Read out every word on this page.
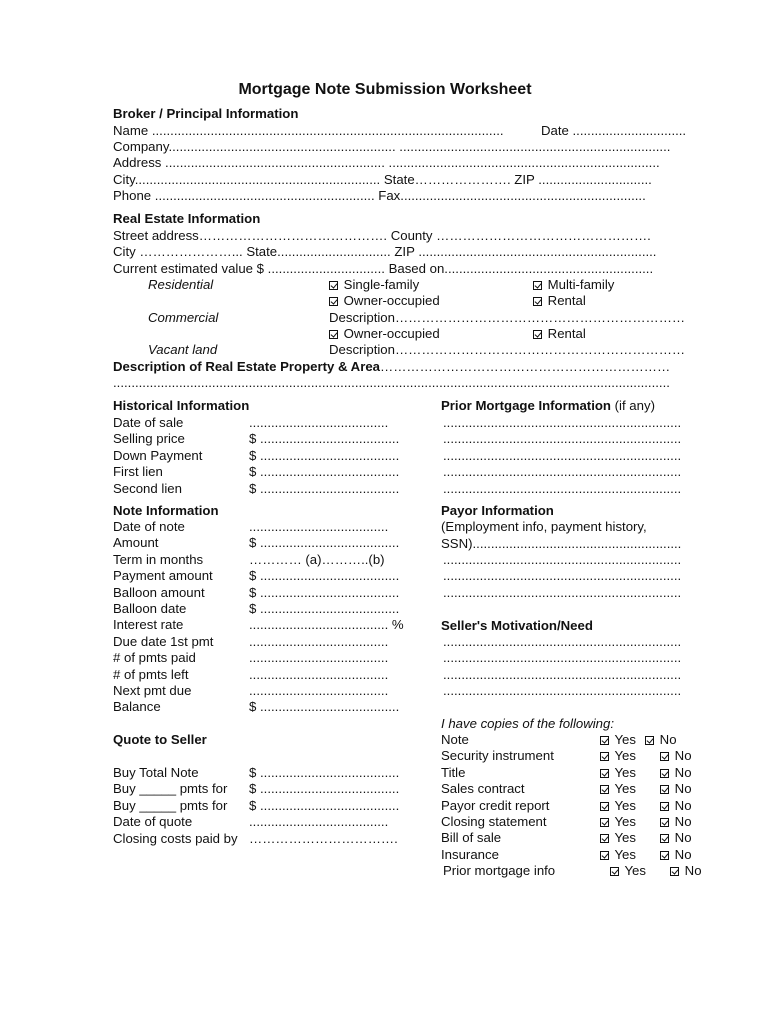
Mortgage Note Submission Worksheet
Broker / Principal Information
Name ................................................................................................	Date ...............................
Company.............................................................. ..........................................................................
Address ............................................................ ..........................................................................
City................................................................... State…………………. ZIP ...............................
Phone ............................................................ Fax...................................................................
Real Estate Information
Street address……………………………………. County ………………………………………….
City …………………... State............................... ZIP .................................................................
Current estimated value $ ................................ Based on.........................................................
Residential	Single-family	Multi-family
Owner-occupied	Rental
Commercial	Description…………………………………………………………
Owner-occupied	Rental
Vacant land	Description…………………………………………………………
Description of Real Estate Property & Area…………………………………………………………
........................................................................................................................................................
Historical Information
Date of sale	......................................
Selling price	$ ......................................
Down Payment	$ ......................................
First lien	$ ......................................
Second lien	$ ......................................
Prior Mortgage Information (if any)
.................................................................
.................................................................
.................................................................
.................................................................
.................................................................
Note Information
Date of note	......................................
Amount	$ ......................................
Term in months	………… (a)………..(b)
Payment amount	$ ......................................
Balloon amount	$ ......................................
Balloon date	$ ......................................
Interest rate	...................................... %
Due date 1st pmt	......................................
# of pmts paid	......................................
# of pmts left	......................................
Next pmt due	......................................
Balance	$ ......................................
Payor Information
(Employment info, payment history,
SSN).........................................................
.................................................................
.................................................................
.................................................................
Seller's Motivation/Need
.................................................................
.................................................................
.................................................................
.................................................................
Quote to Seller
Buy Total Note	$ ......................................
Buy _____ pmts for $ ......................................
Buy _____ pmts for $ ......................................
Date of quote	......................................
Closing costs paid by …………………………….
I have copies of the following:
Note	Yes	No
Security instrument	Yes	No
Title	Yes	No
Sales contract	Yes	No
Payor credit report	Yes	No
Closing statement	Yes	No
Bill of sale	Yes	No
Insurance	Yes	No
Prior mortgage info	Yes	No
